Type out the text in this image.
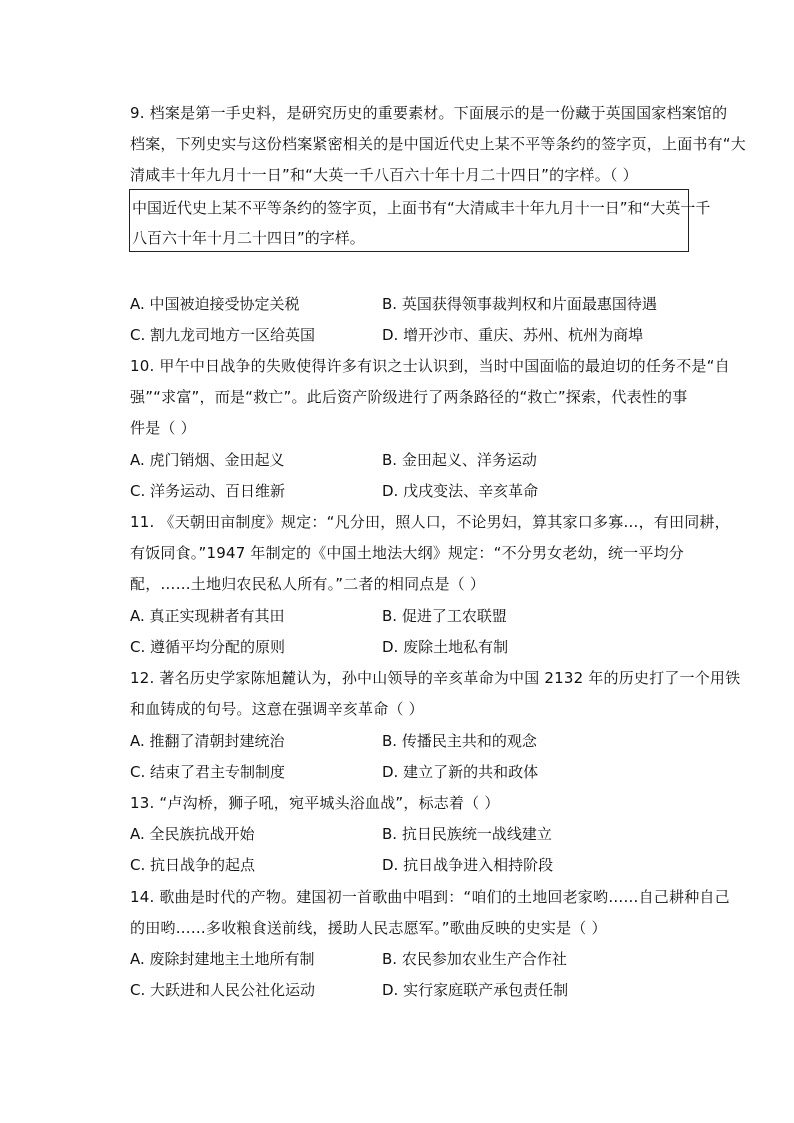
9. 档案是第一手史料，是研究历史的重要素材。下面展示的是一份藏于英国国家档案馆的
档案，下列史实与这份档案紧密相关的是中国近代史上某不平等条约的签字页，上面书有“大
清咸丰十年九月十一日”和“大英一千八百六十年十月二十四日”的字样。（ ）
中国近代史上某不平等条约的签字页，上面书有“大清咸丰十年九月十一日”和“大英一千
八百六十年十月二十四日”的字样。
A. 中国被迫接受协定关税	B. 英国获得领事裁判权和片面最惠国待遇
C. 割九龙司地方一区给英国	D. 增开沙市、重庆、苏州、杭州为商埠
10. 甲午中日战争的失败使得许多有识之士认识到，当时中国面临的最迫切的任务不是“自
强”“求富”，而是“救亡”。此后资产阶级进行了两条路径的“救亡”探索，代表性的事
件是（ ）
A. 虎门销烟、金田起义	B. 金田起义、洋务运动
C. 洋务运动、百日维新	D. 戊戌变法、辛亥革命
11. 《天朝田亩制度》规定：“凡分田，照人口，不论男妇，算其家口多寡…，有田同耕，
有饭同食。”1947 年制定的《中国土地法大纲》规定：“不分男女老幼，统一平均分
配，……土地归农民私人所有。”二者的相同点是（ ）
A. 真正实现耕者有其田	B. 促进了工农联盟
C. 遵循平均分配的原则	D. 废除土地私有制
12. 著名历史学家陈旭麓认为，孙中山领导的辛亥革命为中国 2132 年的历史打了一个用铁
和血铸成的句号。这意在强调辛亥革命（ ）
A. 推翻了清朝封建统治	B. 传播民主共和的观念
C. 结束了君主专制制度	D. 建立了新的共和政体
13. “卢沟桥，狮子吼，宛平城头浴血战”，标志着（ ）
A. 全民族抗战开始	B. 抗日民族统一战线建立
C. 抗日战争的起点	D. 抗日战争进入相持阶段
14. 歌曲是时代的产物。建国初一首歌曲中唱到：“咱们的土地回老家哟……自己耕种自己
的田哟……多收粮食送前线，援助人民志愿军。”歌曲反映的史实是（ ）
A. 废除封建地主土地所有制	B. 农民参加农业生产合作社
C. 大跃进和人民公社化运动	D. 实行家庭联产承包责任制
